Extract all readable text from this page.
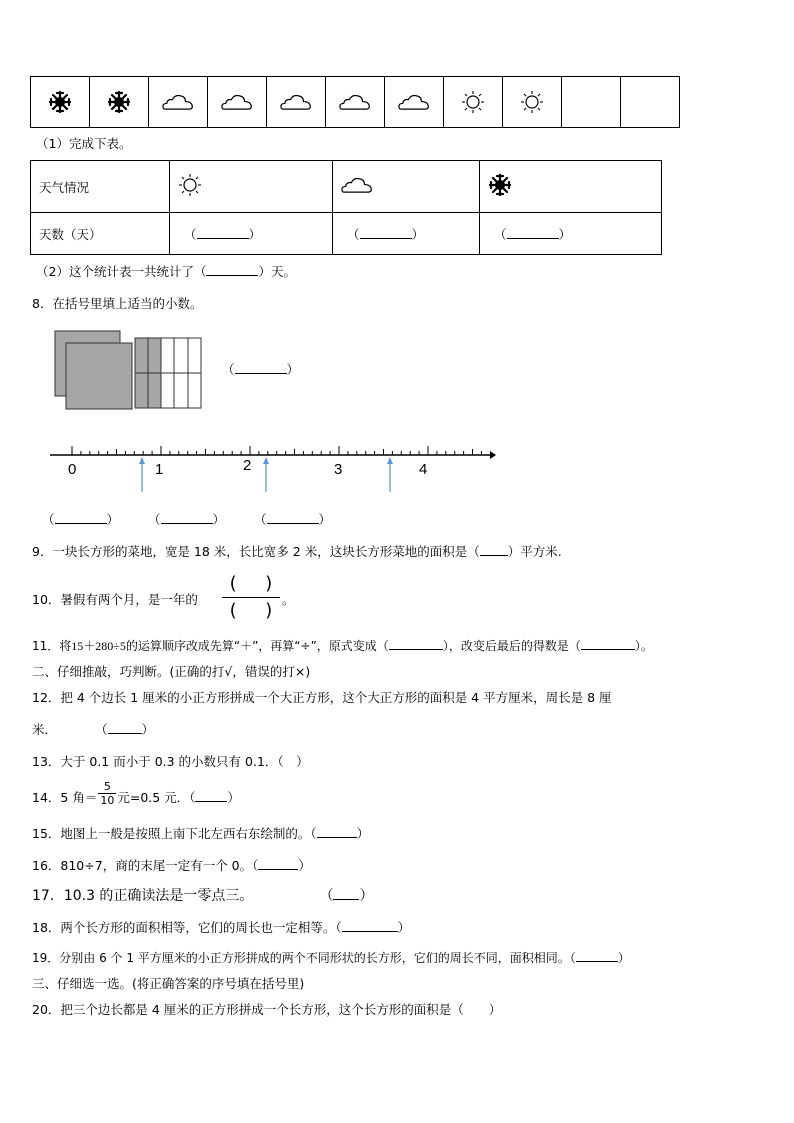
（1）完成下表。
天气情况	

天数（天）	（ ）	（ ）	（ ）
（2）这个统计表一共统计了（	）天。
8．在括号里填上适当的小数。
（	）
0	1	2	3	4
（	） （	） （	）
9．一块长方形的菜地，宽是 18 米，长比宽多 2 米，这块长方形菜地的面积是（ ）平方米.
10．暑假有两个月，是一年的
(     )
(     )
。
11．将15＋280÷5的运算顺序改成先算“＋”，再算“÷”，原式变成（	），改变后最后的得数是（	）。
二、仔细推敲，巧判断。(正确的打√，错误的打×)
12．把 4 个边长 1 厘米的小正方形拼成一个大正方形，这个大正方形的面积是 4 平方厘米，周长是 8 厘
米．	（	）
13．大于 0.1 而小于 0.3 的小数只有 0.1．（　）
14．5 角＝ $\frac{5}{10}$ 元=0.5 元．（	）
15．地图上一般是按照上南下北左西右东绘制的。（	）
16．810÷7，商的末尾一定有一个 0。（	）
17．10.3 的正确读法是一零点三。	（ ）
18．两个长方形的面积相等，它们的周长也一定相等。（	）
19．分别由 6 个 1 平方厘米的小正方形拼成的两个不同形状的长方形，它们的周长不同，面积相同。（	）
三、仔细选一选。(将正确答案的序号填在括号里)
20．把三个边长都是 4 厘米的正方形拼成一个长方形，这个长方形的面积是（　　）
